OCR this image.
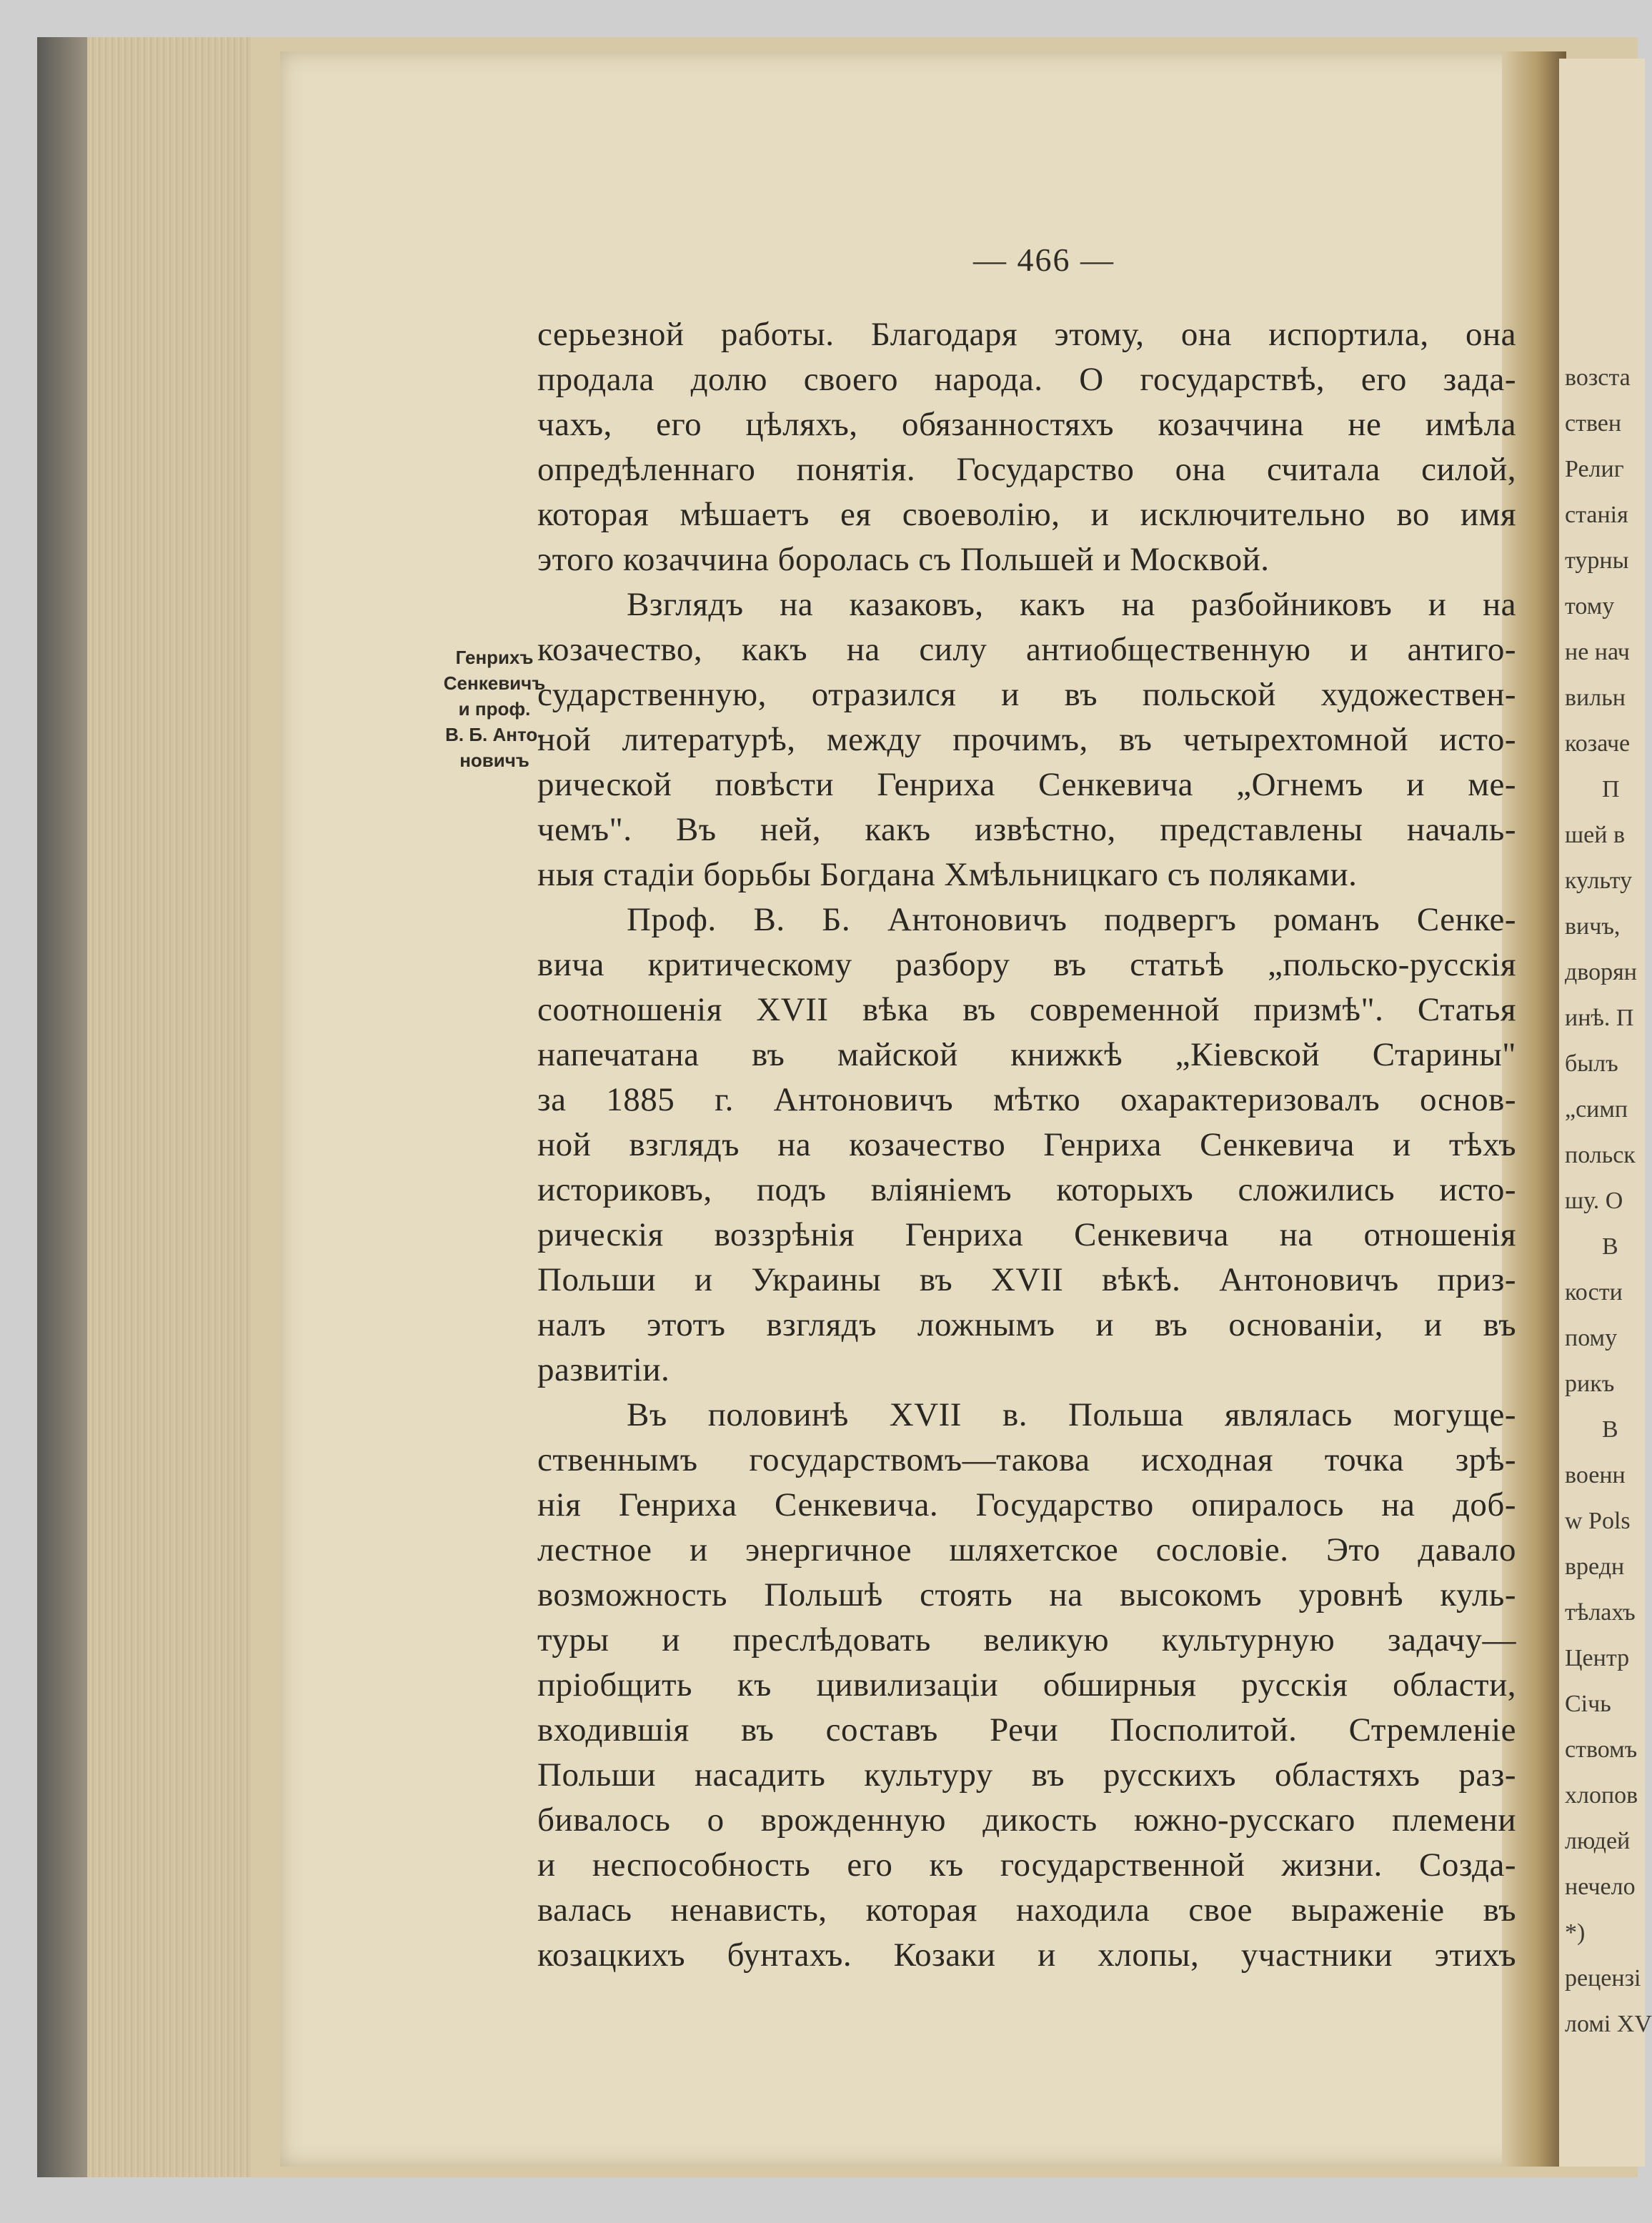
возста
ствен
Религ
станія
турны
тому
не нач
вильн
козаче
П
шей в
культу
вичъ,
дворян
инѣ. П
былъ
„симп
польск
шу. О
В
кости
пому
рикъ
В
военн
w Pols
вредн
тѣлахъ
Центр
Січь
ствомъ
хлопов
людей
нечело
*)
рецензі
ломі XV
— 466 —
Генрихъ
Сенкевичъ
и проф.
В. Б. Анто-
новичъ
серьезной работы. Благодаря этому, она испортила, она
продала долю своего народа. О государствѣ, его зада-
чахъ, его цѣляхъ, обязанностяхъ козаччина не имѣла
опредѣленнаго понятія. Государство она считала силой,
которая мѣшаетъ ея своеволію, и исключительно во имя
этого козаччина боролась съ Польшей и Москвой.
Взглядъ на казаковъ, какъ на разбойниковъ и на
козачество, какъ на силу антиобщественную и антиго-
сударственную, отразился и въ польской художествен-
ной литературѣ, между прочимъ, въ четырехтомной исто-
рической повѣсти Генриха Сенкевича „Огнемъ и ме-
чемъ". Въ ней, какъ извѣстно, представлены началь-
ныя стадіи борьбы Богдана Хмѣльницкаго съ поляками.
Проф. В. Б. Антоновичъ подвергъ романъ Сенке-
вича критическому разбору въ статьѣ „польско-русскія
соотношенія XVII вѣка въ современной призмѣ". Статья
напечатана въ майской книжкѣ „Кіевской Старины"
за 1885 г. Антоновичъ мѣтко охарактеризовалъ основ-
ной взглядъ на козачество Генриха Сенкевича и тѣхъ
историковъ, подъ вліяніемъ которыхъ сложились исто-
рическія воззрѣнія Генриха Сенкевича на отношенія
Польши и Украины въ XVII вѣкѣ. Антоновичъ приз-
налъ этотъ взглядъ ложнымъ и въ основаніи, и въ
развитіи.
Въ половинѣ XVII в. Польша являлась могуще-
ственнымъ государствомъ—такова исходная точка зрѣ-
нія Генриха Сенкевича. Государство опиралось на доб-
лестное и энергичное шляхетское сословіе. Это давало
возможность Польшѣ стоять на высокомъ уровнѣ куль-
туры и преслѣдовать великую культурную задачу—
пріобщить къ цивилизаціи обширныя русскія области,
входившія въ составъ Речи Посполитой. Стремленіе
Польши насадить культуру въ русскихъ областяхъ раз-
бивалось о врожденную дикость южно-русскаго племени
и неспособность его къ государственной жизни. Созда-
валась ненависть, которая находила свое выраженіе въ
козацкихъ бунтахъ. Козаки и хлопы, участники этихъ
